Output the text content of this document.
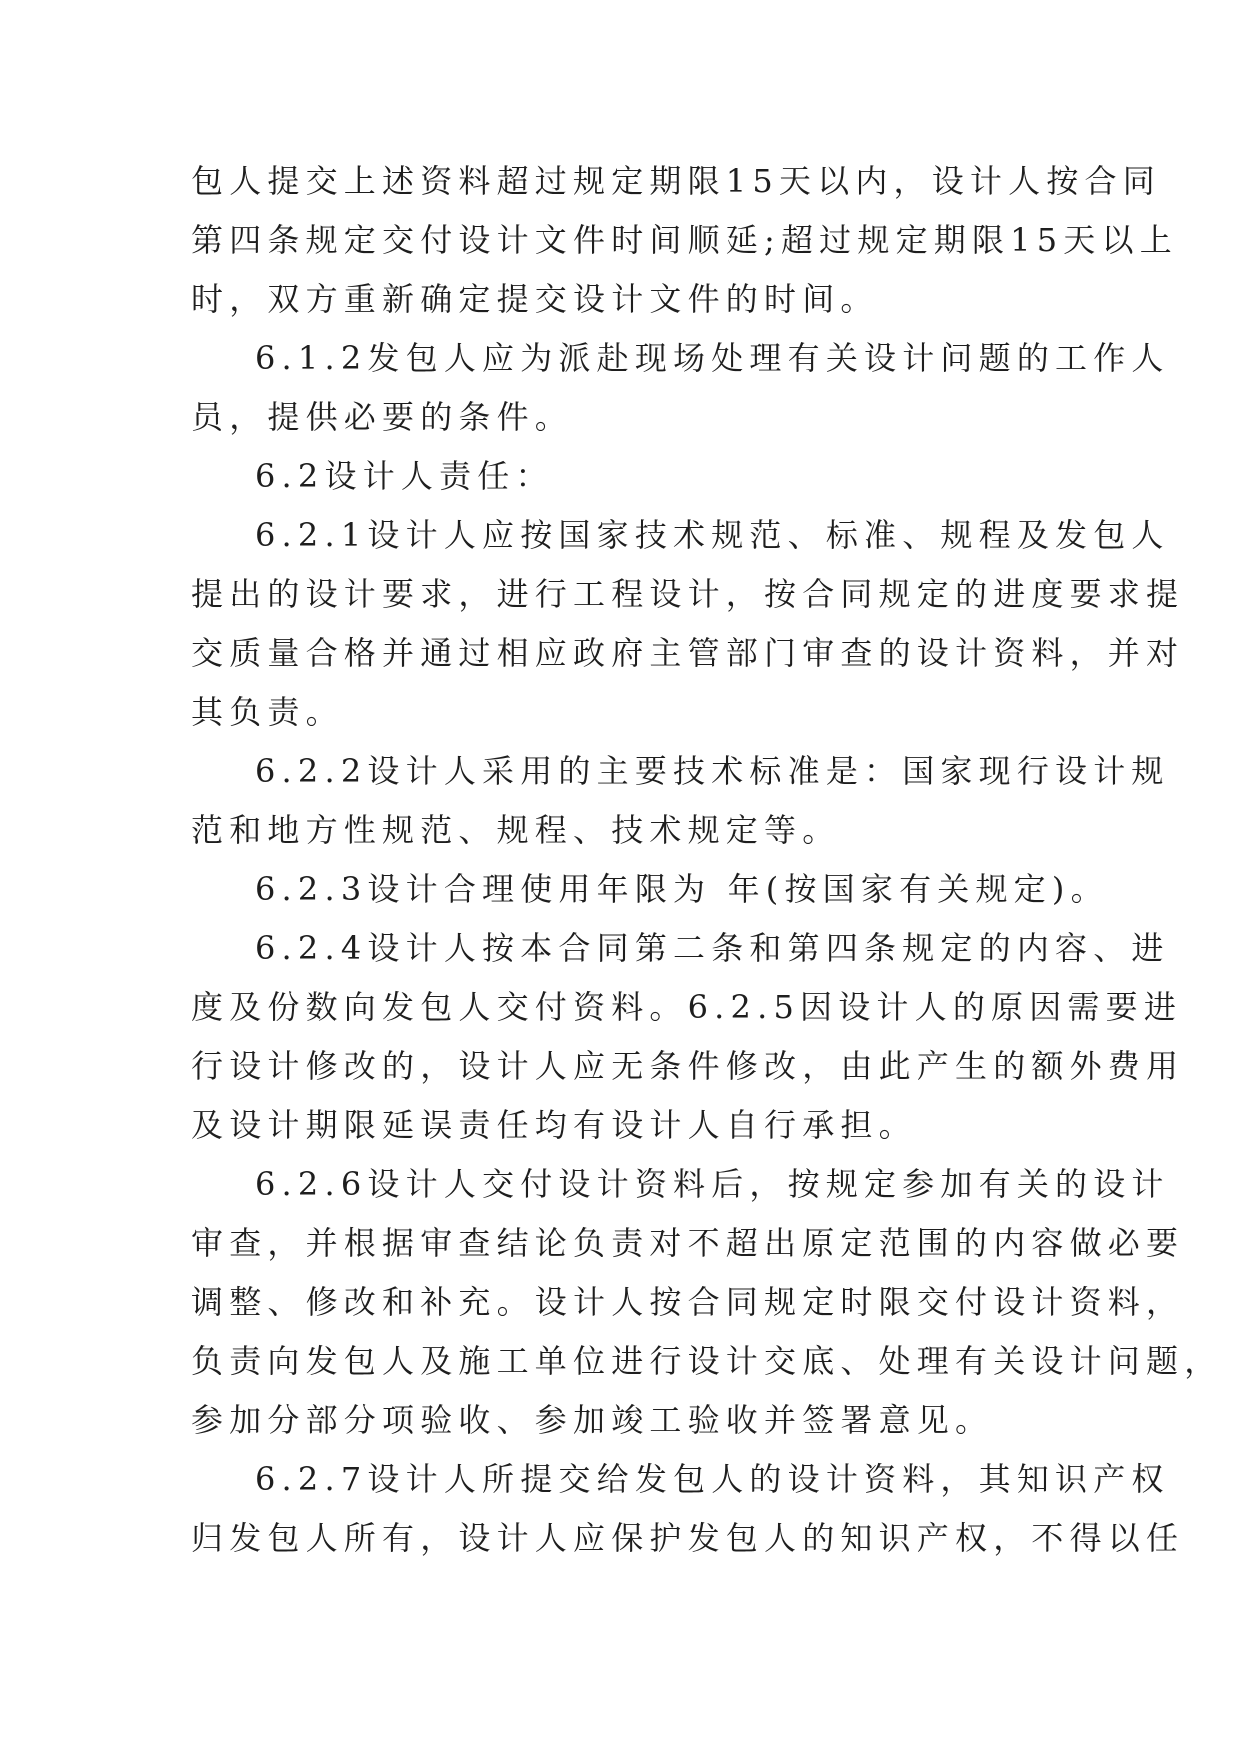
包人提交上述资料超过规定期限15天以内，设计人按合同
第四条规定交付设计文件时间顺延;超过规定期限15天以上
时，双方重新确定提交设计文件的时间。
6.1.2发包人应为派赴现场处理有关设计问题的工作人
员，提供必要的条件。
6.2设计人责任：
6.2.1设计人应按国家技术规范、标准、规程及发包人
提出的设计要求，进行工程设计，按合同规定的进度要求提
交质量合格并通过相应政府主管部门审查的设计资料，并对
其负责。
6.2.2设计人采用的主要技术标准是：国家现行设计规
范和地方性规范、规程、技术规定等。
6.2.3设计合理使用年限为 年(按国家有关规定)。
6.2.4设计人按本合同第二条和第四条规定的内容、进
度及份数向发包人交付资料。6.2.5因设计人的原因需要进
行设计修改的，设计人应无条件修改，由此产生的额外费用
及设计期限延误责任均有设计人自行承担。
6.2.6设计人交付设计资料后，按规定参加有关的设计
审查，并根据审查结论负责对不超出原定范围的内容做必要
调整、修改和补充。设计人按合同规定时限交付设计资料，
负责向发包人及施工单位进行设计交底、处理有关设计问题，
参加分部分项验收、参加竣工验收并签署意见。
6.2.7设计人所提交给发包人的设计资料，其知识产权
归发包人所有，设计人应保护发包人的知识产权，不得以任
